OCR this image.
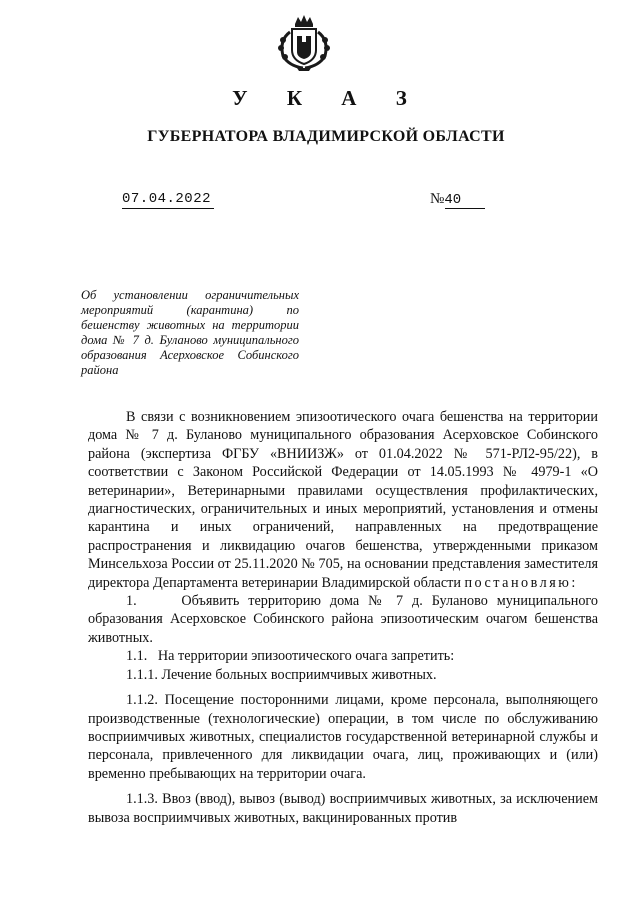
У К А З
ГУБЕРНАТОРА ВЛАДИМИРСКОЙ ОБЛАСТИ
07.04.2022	№40
Об установлении ограничительных мероприятий (карантина) по бешенству животных на территории дома № 7 д. Буланово муниципального образования Асерховское Собинского района

В связи с возникновением эпизоотического очага бешенства на территории дома № 7 д. Буланово муниципального образования Асерховское Собинского района (экспертиза ФГБУ «ВНИИЗЖ» от 01.04.2022 № 571-РЛ2-95/22), в соответствии с Законом Российской Федерации от 14.05.1993 № 4979-1 «О ветеринарии», Ветеринарными правилами осуществления профилактических, диагностических, ограничительных и иных мероприятий, установления и отмены карантина и иных ограничений, направленных на предотвращение распространения и ликвидацию очагов бешенства, утвержденными приказом Минсельхоза России от 25.11.2020 № 705, на основании представления заместителя директора Департамента ветеринарии Владимирской области постановляю:

1.     Объявить территорию дома № 7 д. Буланово муниципального образования Асерховское Собинского района эпизоотическим очагом бешенства животных.

1.1.   На территории эпизоотического очага запретить:

1.1.1. Лечение больных восприимчивых животных.

1.1.2. Посещение посторонними лицами, кроме персонала, выполняющего производственные (технологические) операции, в том числе по обслуживанию восприимчивых животных, специалистов государственной ветеринарной службы и персонала, привлеченного для ликвидации очага, лиц, проживающих и (или) временно пребывающих на территории очага.

1.1.3. Ввоз (ввод), вывоз (вывод) восприимчивых животных, за исключением вывоза восприимчивых животных, вакцинированных против
